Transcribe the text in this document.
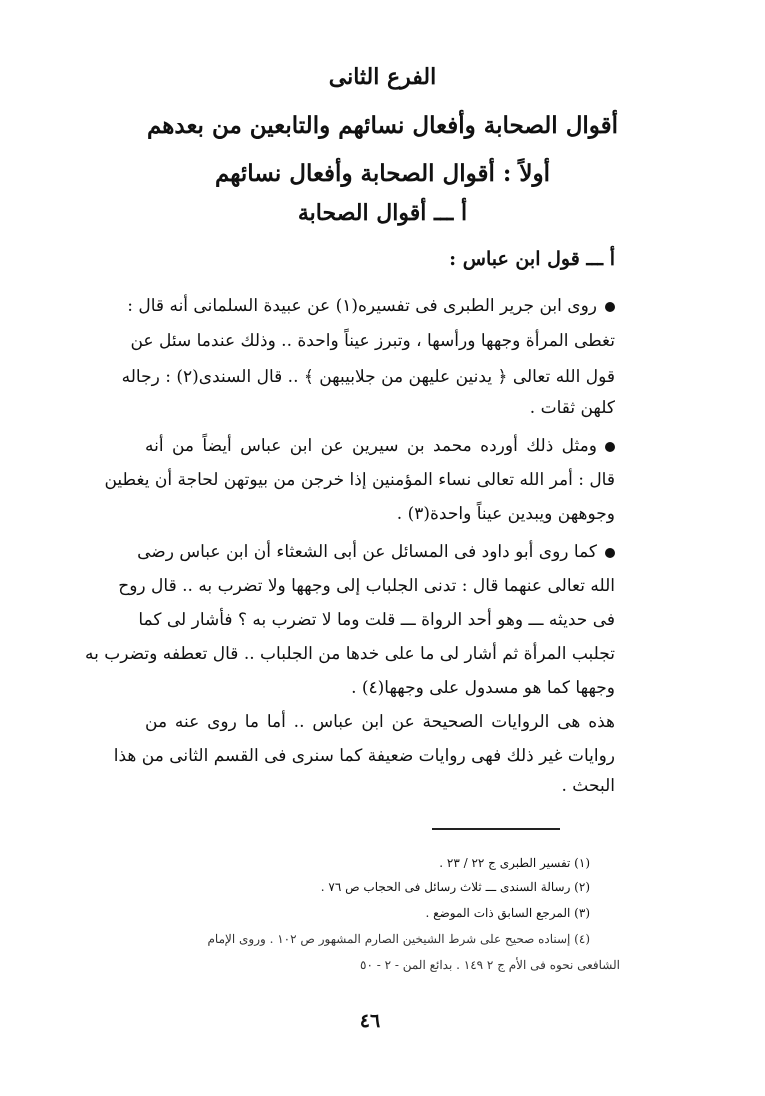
الفرع الثانى
أقوال الصحابة وأفعال نسائهم والتابعين من بعدهم
أولاً : أقوال الصحابة وأفعال نسائهم
أ ـــ أقوال الصحابة
أ ـــ قول ابن عباس :
روى ابن جرير الطبرى فى تفسيره(١) عن عبيدة السلمانى أنه قال :
تغطى المرأة وجهها ورأسها ، وتبرز عيناً واحدة .. وذلك عندما سئل عن
قول الله تعالى ﴿ يدنين عليهن من جلابيبهن ﴾ .. قال السندى(٢) : رجاله
كلهن ثقات .
ومثل ذلك أورده محمد بن سيرين عن ابن عباس أيضاً من أنه
قال : أمر الله تعالى نساء المؤمنين إذا خرجن من بيوتهن لحاجة أن يغطين
وجوههن ويبدين عيناً واحدة(٣) .
كما روى أبو داود فى المسائل عن أبى الشعثاء أن ابن عباس رضى
الله تعالى عنهما قال : تدنى الجلباب إلى وجهها ولا تضرب به .. قال روح
فى حديثه ـــ وهو أحد الرواة ـــ قلت وما لا تضرب به ؟ فأشار لى كما
تجلبب المرأة ثم أشار لى ما على خدها من الجلباب .. قال تعطفه وتضرب به
وجهها كما هو مسدول على وجهها(٤) .
هذه هى الروايات الصحيحة عن ابن عباس .. أما ما روى عنه من
روايات غير ذلك فهى روايات ضعيفة كما سنرى فى القسم الثانى من هذا
البحث .
(١) تفسير الطبرى ج ٢٢ / ٢٣ .
(٢) رسالة السندى ـــ ثلاث رسائل فى الحجاب ص ٧٦ .
(٣) المرجع السابق ذات الموضع .
(٤) إسناده صحيح على شرط الشيخين الصارم المشهور ص ١٠٢ . وروى الإمام
الشافعى نحوه فى الأم ج ٢ ١٤٩ . بدائع المن - ٢ - ٥٠
٤٦
